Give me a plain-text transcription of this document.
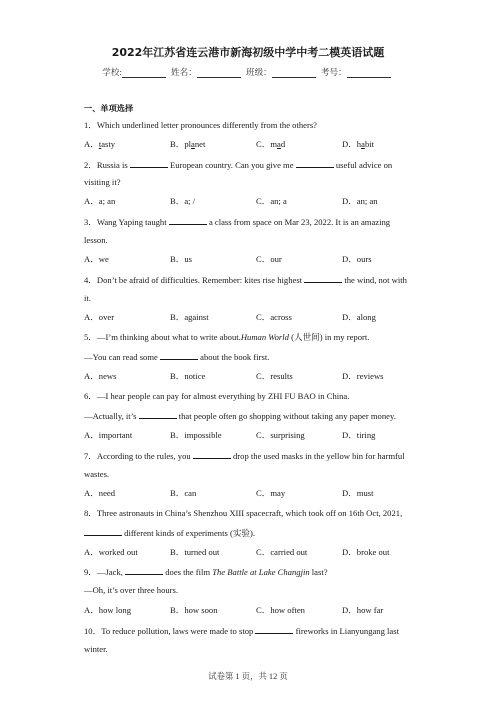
2022年江苏省连云港市新海初级中学中考二模英语试题
学校:	姓名：	班级：	考号：
一、单项选择
1．Which underlined letter pronounces differently from the others?
A．tasty	B．planet	C．mad	D．habit
2．Russia is	European country. Can you give me	useful advice on
visiting it?
A．a; an	B．a; /	C．an; a	D．an; an
3．Wang Yaping taught	a class from space on Mar 23, 2022. It is an amazing
lesson.
A．we	B．us	C．our	D．ours
4．Don’t be afraid of difficulties. Remember: kites rise highest	the wind, not with
it.
A．over	B．against	C．across	D．along
5．—I’m thinking about what to write about.Human World (人世间) in my report.
—You can read some	about the book first.
A．news	B．notice	C．results	D．reviews
6．—I hear people can pay for almost everything by ZHI FU BAO in China.
—Actually, it’s	that people often go shopping without taking any paper money.
A．important	B．impossible	C．surprising	D．tiring
7．According to the rules, you	drop the used masks in the yellow bin for harmful
wastes.
A．need	B．can	C．may	D．must
8．Three astronauts in China’s Shenzhou XIII spacecraft, which took off on 16th Oct, 2021,
different kinds of experiments (实验).
A．worked out	B．turned out	C．carried out	D．broke out
9．—Jack,	does the film The Battle at Lake Changjin last?
—Oh, it’s over three hours.
A．how long	B．how soon	C．how often	D．how far
10．To reduce pollution, laws were made to stop	fireworks in Lianyungang last
winter.
试卷第 1 页，共 12 页
